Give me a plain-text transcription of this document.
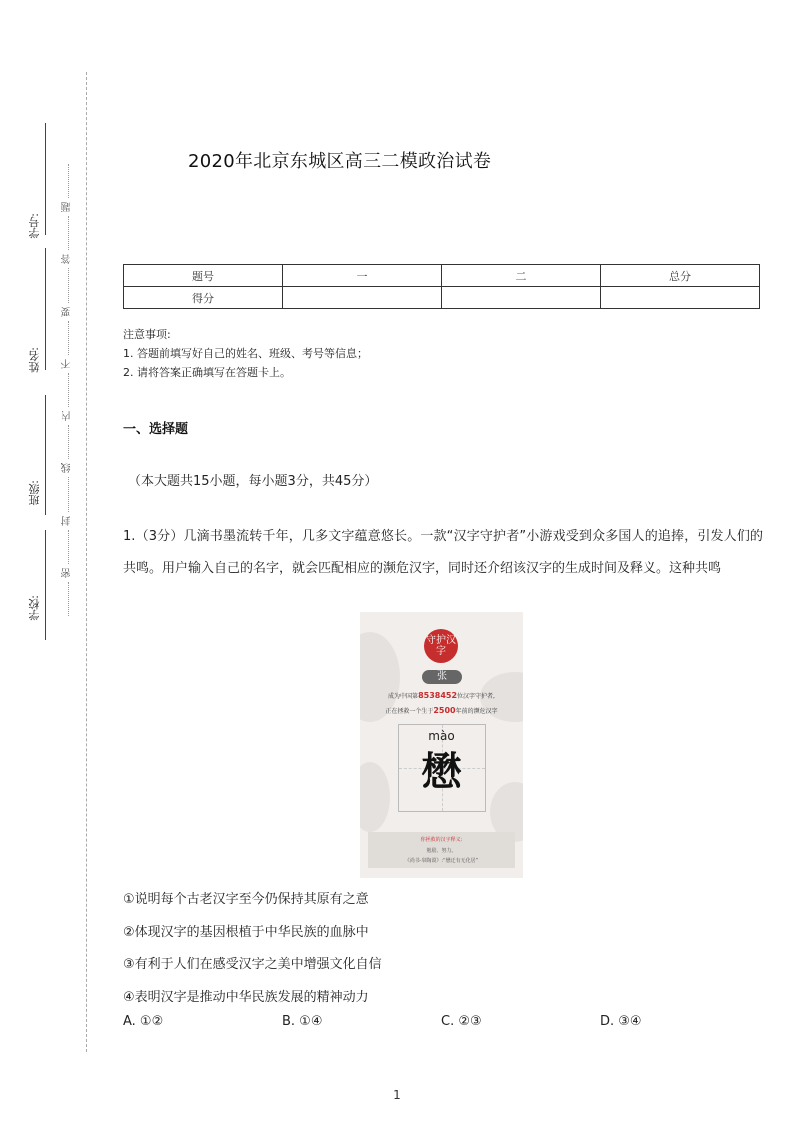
学号:
姓名:
班级:
学校:
题
答
要
不
内
线
封
密
2020年北京东城区高三二模政治试卷
题号	一	二	总分
得分			
注意事项:
1. 答题前填写好自己的姓名、班级、考号等信息；
2. 请将答案正确填写在答题卡上。
一、选择题
（本大题共15小题，每小题3分，共45分）
1.（3分）几滴书墨流转千年，几多文字蕴意悠长。一款“汉字守护者”小游戏受到众多国人的追捧，引发人们的共鸣。用户输入自己的名字，就会匹配相应的濒危汉字，同时还介绍该汉字的生成时间及释义。这种共鸣
守护汉字
张
成为中国第8538452位汉字守护者,
正在拯救一个生于2500年前的濒危汉字
mào
懋
你拯救的汉字释义:
勉励、努力。
《尚书·皋陶谟》:“懋迁有无化居”
①说明每个古老汉字至今仍保持其原有之意
②体现汉字的基因根植于中华民族的血脉中
③有利于人们在感受汉字之美中增强文化自信
④表明汉字是推动中华民族发展的精神动力
A. ①②	B. ①④	C. ②③	D. ③④
1
